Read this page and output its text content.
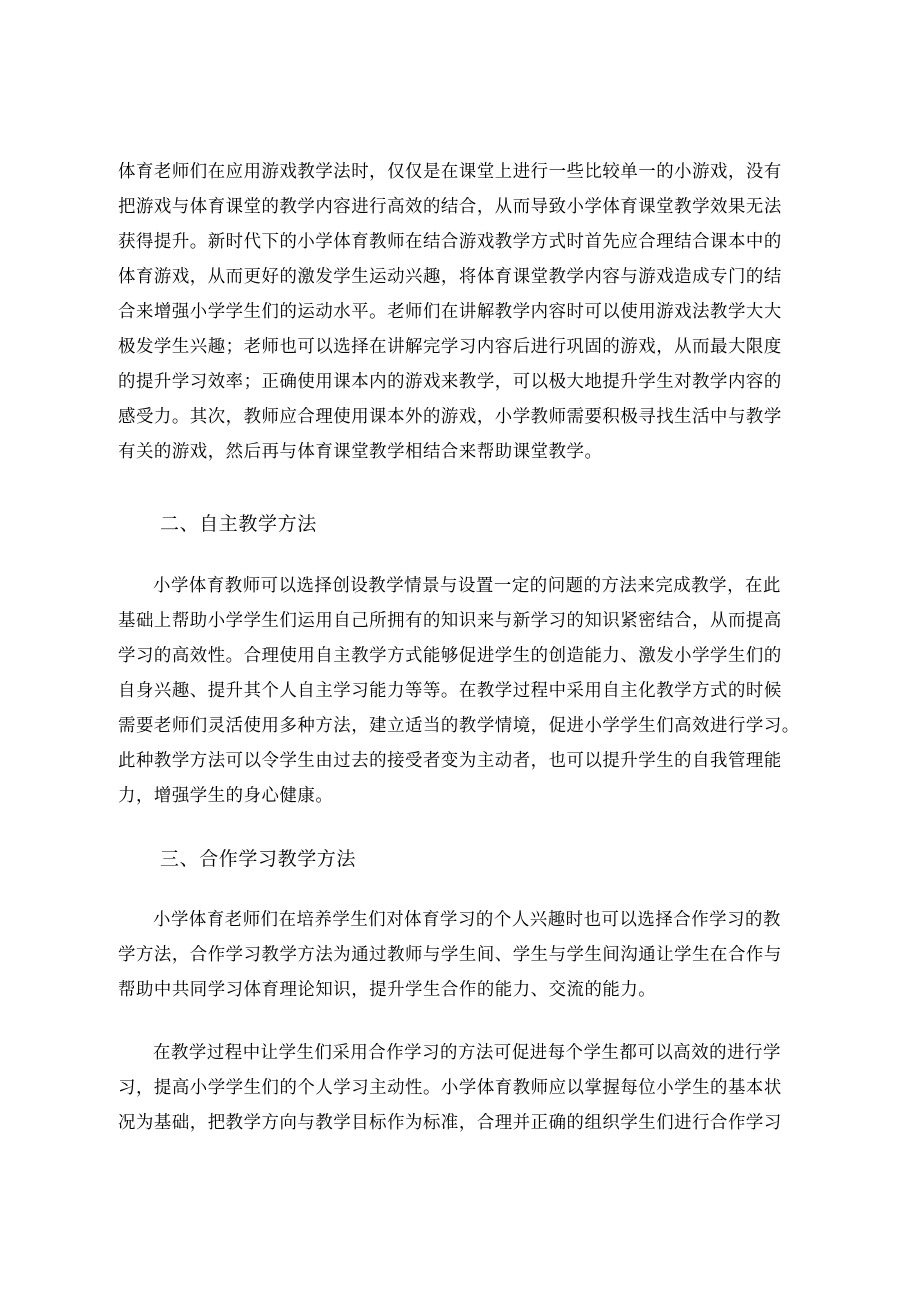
体育老师们在应用游戏教学法时，仅仅是在课堂上进行一些比较单一的小游戏，没有
把游戏与体育课堂的教学内容进行高效的结合，从而导致小学体育课堂教学效果无法
获得提升。新时代下的小学体育教师在结合游戏教学方式时首先应合理结合课本中的
体育游戏，从而更好的激发学生运动兴趣，将体育课堂教学内容与游戏造成专门的结
合来增强小学学生们的运动水平。老师们在讲解教学内容时可以使用游戏法教学大大
极发学生兴趣；老师也可以选择在讲解完学习内容后进行巩固的游戏，从而最大限度
的提升学习效率；正确使用课本内的游戏来教学，可以极大地提升学生对教学内容的
感受力。其次，教师应合理使用课本外的游戏，小学教师需要积极寻找生活中与教学
有关的游戏，然后再与体育课堂教学相结合来帮助课堂教学。
二、自主教学方法
小学体育教师可以选择创设教学情景与设置一定的问题的方法来完成教学，在此
基础上帮助小学学生们运用自己所拥有的知识来与新学习的知识紧密结合，从而提高
学习的高效性。合理使用自主教学方式能够促进学生的创造能力、激发小学学生们的
自身兴趣、提升其个人自主学习能力等等。在教学过程中采用自主化教学方式的时候
需要老师们灵活使用多种方法，建立适当的教学情境，促进小学学生们高效进行学习。
此种教学方法可以令学生由过去的接受者变为主动者，也可以提升学生的自我管理能
力，增强学生的身心健康。
三、合作学习教学方法
小学体育老师们在培养学生们对体育学习的个人兴趣时也可以选择合作学习的教
学方法，合作学习教学方法为通过教师与学生间、学生与学生间沟通让学生在合作与
帮助中共同学习体育理论知识，提升学生合作的能力、交流的能力。
在教学过程中让学生们采用合作学习的方法可促进每个学生都可以高效的进行学
习，提高小学学生们的个人学习主动性。小学体育教师应以掌握每位小学生的基本状
况为基础，把教学方向与教学目标作为标准，合理并正确的组织学生们进行合作学习
